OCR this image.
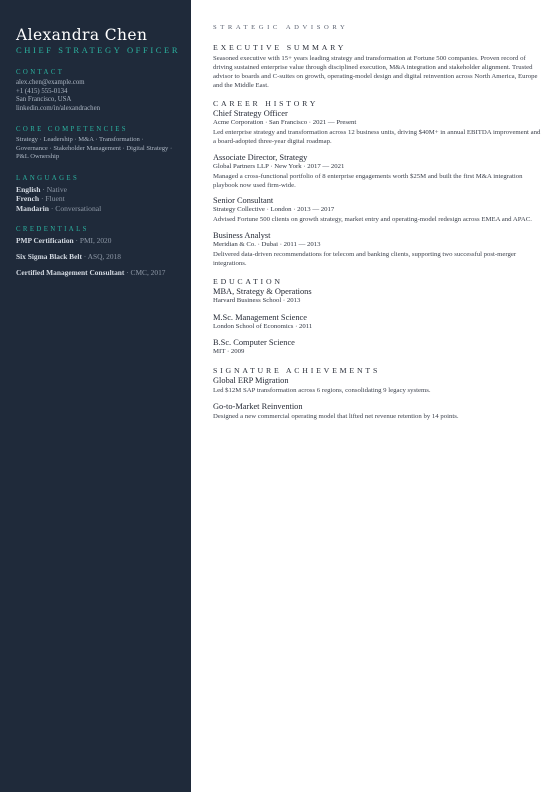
Alexandra Chen
CHIEF STRATEGY OFFICER
CONTACT
alex.chen@example.com
+1 (415) 555-0134
San Francisco, USA
linkedin.com/in/alexandrachen
CORE COMPETENCIES
Strategy · Leadership · M&A · Transformation · Governance · Stakeholder Management · Digital Strategy · P&L Ownership
LANGUAGES
English · Native
French · Fluent
Mandarin · Conversational
CREDENTIALS
PMP Certification · PMI, 2020
Six Sigma Black Belt · ASQ, 2018
Certified Management Consultant · CMC, 2017
STRATEGIC ADVISORY
EXECUTIVE SUMMARY

Seasoned executive with 15+ years leading strategy and transformation at Fortune 500 companies. Proven record of driving sustained enterprise value through disciplined execution, M&A integration and stakeholder alignment. Trusted advisor to boards and C-suites on growth, operating-model design and digital reinvention across North America, Europe and the Middle East.

CAREER HISTORY
Chief Strategy Officer
Acme Corporation · San Francisco · 2021 — Present
Led enterprise strategy and transformation across 12 business units, driving $40M+ in annual EBITDA improvement and a board-adopted three-year digital roadmap.
Associate Director, Strategy
Global Partners LLP · New York · 2017 — 2021
Managed a cross-functional portfolio of 8 enterprise engagements worth $25M and built the first M&A integration playbook now used firm-wide.
Senior Consultant
Strategy Collective · London · 2013 — 2017
Advised Fortune 500 clients on growth strategy, market entry and operating-model redesign across EMEA and APAC.
Business Analyst
Meridian & Co. · Dubai · 2011 — 2013
Delivered data-driven recommendations for telecom and banking clients, supporting two successful post-merger integrations.
EDUCATION
MBA, Strategy & Operations
Harvard Business School · 2013
M.Sc. Management Science
London School of Economics · 2011
B.Sc. Computer Science
MIT · 2009
SIGNATURE ACHIEVEMENTS
Global ERP Migration
Led $12M SAP transformation across 6 regions, consolidating 9 legacy systems.
Go-to-Market Reinvention
Designed a new commercial operating model that lifted net revenue retention by 14 points.
